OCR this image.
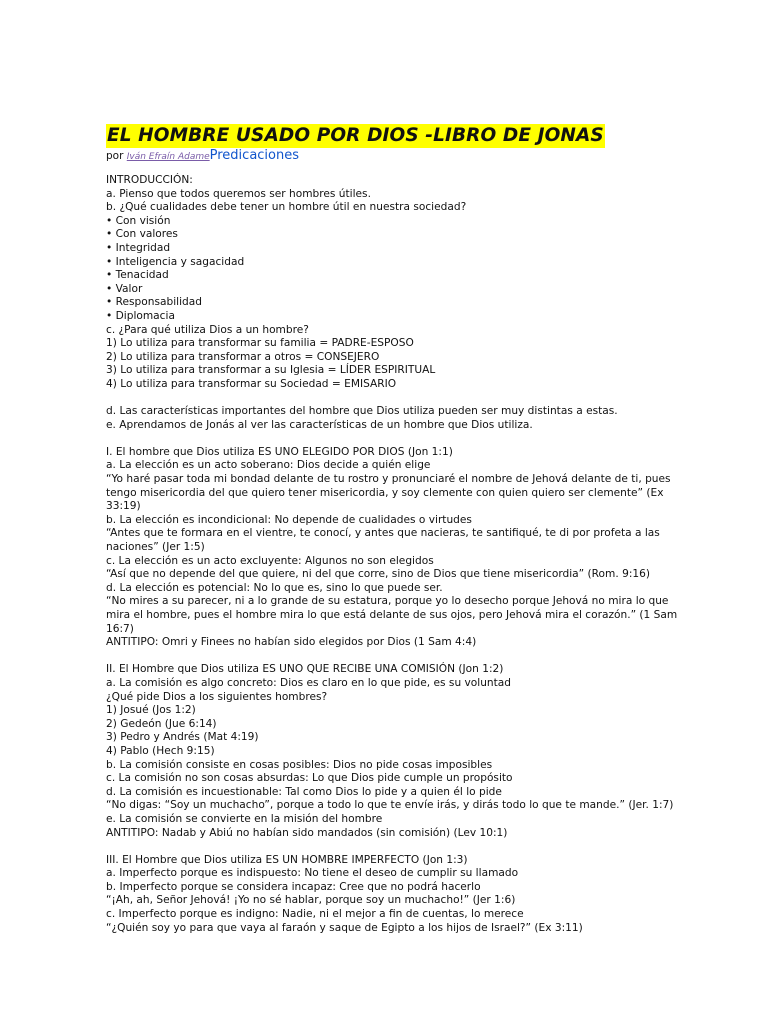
EL HOMBRE USADO POR DIOS -LIBRO DE JONAS
por Iván Efraín AdamePredicaciones
INTRODUCCIÓN:
a. Pienso que todos queremos ser hombres útiles.
b. ¿Qué cualidades debe tener un hombre útil en nuestra sociedad?
• Con visión
• Con valores
• Integridad
• Inteligencia y sagacidad
• Tenacidad
• Valor
• Responsabilidad
• Diplomacia
c. ¿Para qué utiliza Dios a un hombre?
1) Lo utiliza para transformar su familia = PADRE-ESPOSO
2) Lo utiliza para transformar a otros = CONSEJERO
3) Lo utiliza para transformar a su Iglesia = LÍDER ESPIRITUAL
4) Lo utiliza para transformar su Sociedad = EMISARIO
d. Las características importantes del hombre que Dios utiliza pueden ser muy distintas a estas.
e. Aprendamos de Jonás al ver las características de un hombre que Dios utiliza.
I. El hombre que Dios utiliza ES UNO ELEGIDO POR DIOS (Jon 1:1)
a. La elección es un acto soberano: Dios decide a quién elige
“Yo haré pasar toda mi bondad delante de tu rostro y pronunciaré el nombre de Jehová delante de ti, pues
tengo misericordia del que quiero tener misericordia, y soy clemente con quien quiero ser clemente” (Ex
33:19)
b. La elección es incondicional: No depende de cualidades o virtudes
“Antes que te formara en el vientre, te conocí, y antes que nacieras, te santifiqué, te di por profeta a las
naciones” (Jer 1:5)
c. La elección es un acto excluyente: Algunos no son elegidos
“Así que no depende del que quiere, ni del que corre, sino de Dios que tiene misericordia” (Rom. 9:16)
d. La elección es potencial: No lo que es, sino lo que puede ser.
“No mires a su parecer, ni a lo grande de su estatura, porque yo lo desecho porque Jehová no mira lo que
mira el hombre, pues el hombre mira lo que está delante de sus ojos, pero Jehová mira el corazón.” (1 Sam
16:7)
ANTITIPO: Omri y Finees no habían sido elegidos por Dios (1 Sam 4:4)
II. El Hombre que Dios utiliza ES UNO QUE RECIBE UNA COMISIÓN (Jon 1:2)
a. La comisión es algo concreto: Dios es claro en lo que pide, es su voluntad
¿Qué pide Dios a los siguientes hombres?
1) Josué (Jos 1:2)
2) Gedeón (Jue 6:14)
3) Pedro y Andrés (Mat 4:19)
4) Pablo (Hech 9:15)
b. La comisión consiste en cosas posibles: Dios no pide cosas imposibles
c. La comisión no son cosas absurdas: Lo que Dios pide cumple un propósito
d. La comisión es incuestionable: Tal como Dios lo pide y a quien él lo pide
“No digas: “Soy un muchacho”, porque a todo lo que te envíe irás, y dirás todo lo que te mande.” (Jer. 1:7)
e. La comisión se convierte en la misión del hombre
ANTITIPO: Nadab y Abiú no habían sido mandados (sin comisión) (Lev 10:1)
III. El Hombre que Dios utiliza ES UN HOMBRE IMPERFECTO (Jon 1:3)
a. Imperfecto porque es indispuesto: No tiene el deseo de cumplir su llamado
b. Imperfecto porque se considera incapaz: Cree que no podrá hacerlo
“¡Ah, ah, Señor Jehová! ¡Yo no sé hablar, porque soy un muchacho!” (Jer 1:6)
c. Imperfecto porque es indigno: Nadie, ni el mejor a fin de cuentas, lo merece
“¿Quién soy yo para que vaya al faraón y saque de Egipto a los hijos de Israel?” (Ex 3:11)
